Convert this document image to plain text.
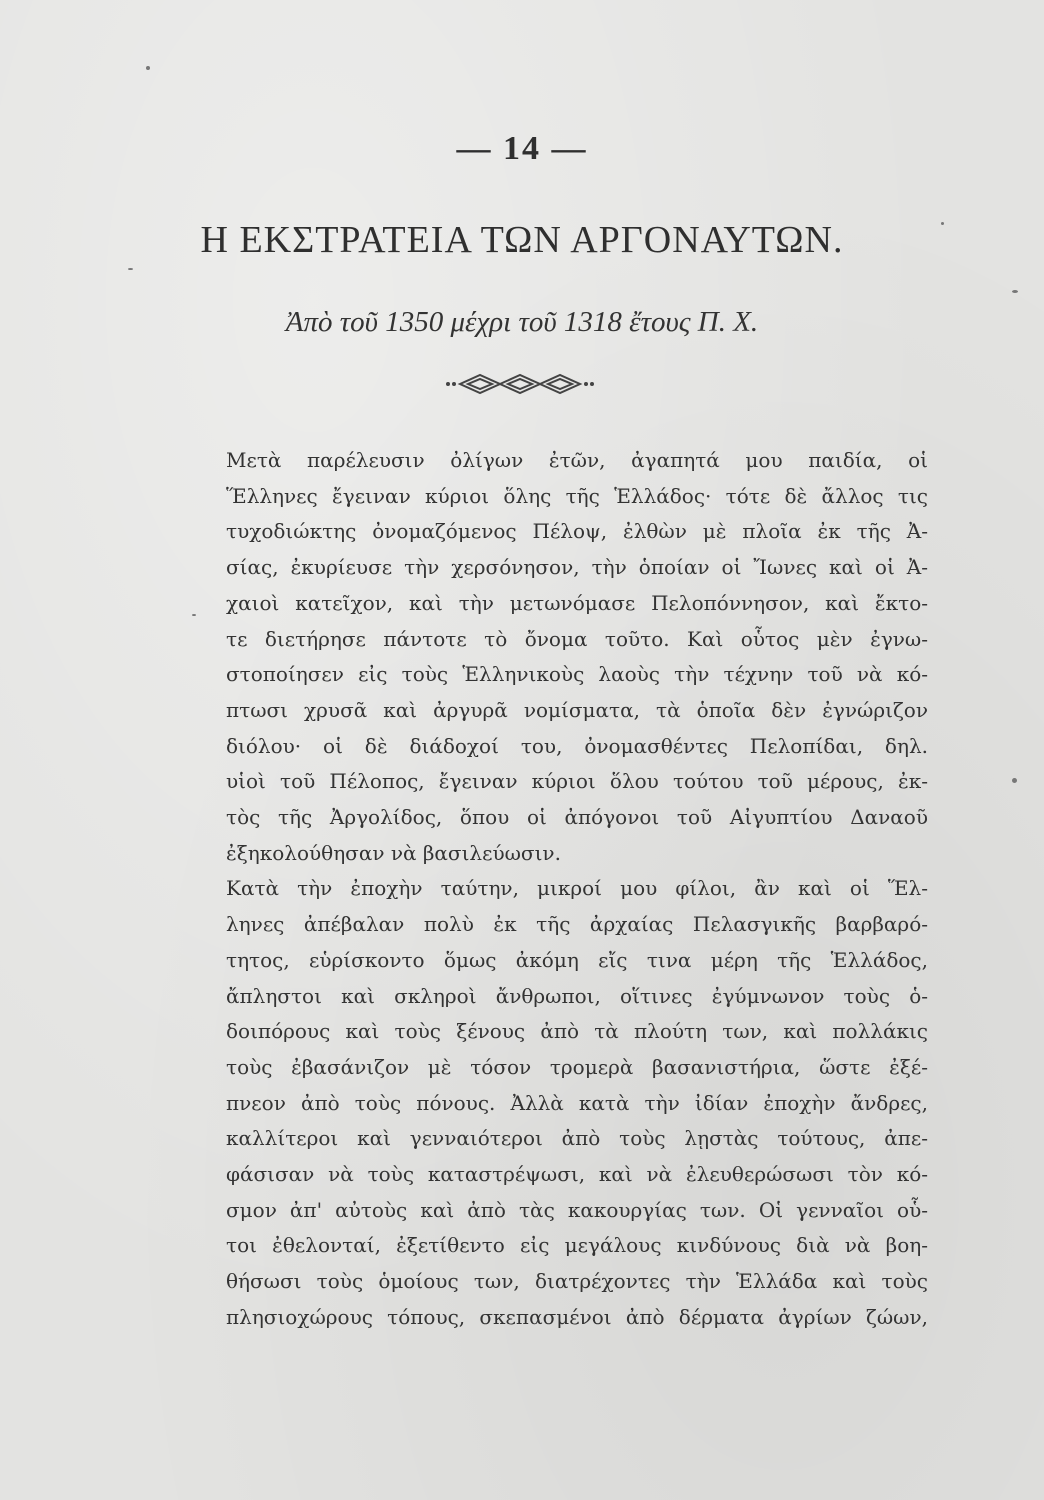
— 14 —
Η ΕΚΣΤΡΑΤΕΙΑ ΤΩΝ ΑΡΓΟΝΑΥΤΩΝ.
Ἀπὸ τοῦ 1350 μέχρι τοῦ 1318 ἔτους Π. Χ.

Μετὰ παρέλευσιν ὀλίγων ἐτῶν, ἀγαπητά μου παιδία, οἱ
Ἕλληνες ἔγειναν κύριοι ὅλης τῆς Ἑλλάδος· τότε δὲ ἄλλος τις
τυχοδιώκτης ὀνομαζόμενος Πέλοψ, ἐλθὼν μὲ πλοῖα ἐκ τῆς Ἀ-
σίας, ἐκυρίευσε τὴν χερσόνησον, τὴν ὁποίαν οἱ Ἴωνες καὶ οἱ Ἀ-
χαιοὶ κατεῖχον, καὶ τὴν μετωνόμασε Πελοπόννησον, καὶ ἔκτο-
τε διετήρησε πάντοτε τὸ ὄνομα τοῦτο. Καὶ οὗτος μὲν ἐγνω-
στοποίησεν εἰς τοὺς Ἑλληνικοὺς λαοὺς τὴν τέχνην τοῦ νὰ κό-
πτωσι χρυσᾶ καὶ ἀργυρᾶ νομίσματα, τὰ ὁποῖα δὲν ἐγνώριζον
διόλου· οἱ δὲ διάδοχοί του, ὀνομασθέντες Πελοπίδαι, δηλ.
υἱοὶ τοῦ Πέλοπος, ἔγειναν κύριοι ὅλου τούτου τοῦ μέρους, ἐκ-
τὸς τῆς Ἀργολίδος, ὅπου οἱ ἀπόγονοι τοῦ Αἰγυπτίου Δαναοῦ
ἐξηκολούθησαν νὰ βασιλεύωσιν.

Κατὰ τὴν ἐποχὴν ταύτην, μικροί μου φίλοι, ἂν καὶ οἱ Ἕλ-
ληνες ἀπέβαλαν πολὺ ἐκ τῆς ἀρχαίας Πελασγικῆς βαρβαρό-
τητος, εὑρίσκοντο ὅμως ἀκόμη εἴς τινα μέρη τῆς Ἑλλάδος,
ἄπληστοι καὶ σκληροὶ ἄνθρωποι, οἵτινες ἐγύμνωνον τοὺς ὁ-
δοιπόρους καὶ τοὺς ξένους ἀπὸ τὰ πλούτη των, καὶ πολλάκις
τοὺς ἐβασάνιζον μὲ τόσον τρομερὰ βασανιστήρια, ὥστε ἐξέ-
πνεον ἀπὸ τοὺς πόνους. Ἀλλὰ κατὰ τὴν ἰδίαν ἐποχὴν ἄνδρες,
καλλίτεροι καὶ γενναιότεροι ἀπὸ τοὺς λῃστὰς τούτους, ἀπε-
φάσισαν νὰ τοὺς καταστρέψωσι, καὶ νὰ ἐλευθερώσωσι τὸν κό-
σμον ἀπ' αὐτοὺς καὶ ἀπὸ τὰς κακουργίας των. Οἱ γενναῖοι οὗ-
τοι ἐθελονταί, ἐξετίθεντο εἰς μεγάλους κινδύνους διὰ νὰ βοη-
θήσωσι τοὺς ὁμοίους των, διατρέχοντες τὴν Ἑλλάδα καὶ τοὺς
πλησιοχώρους τόπους, σκεπασμένοι ἀπὸ δέρματα ἀγρίων ζώων,
